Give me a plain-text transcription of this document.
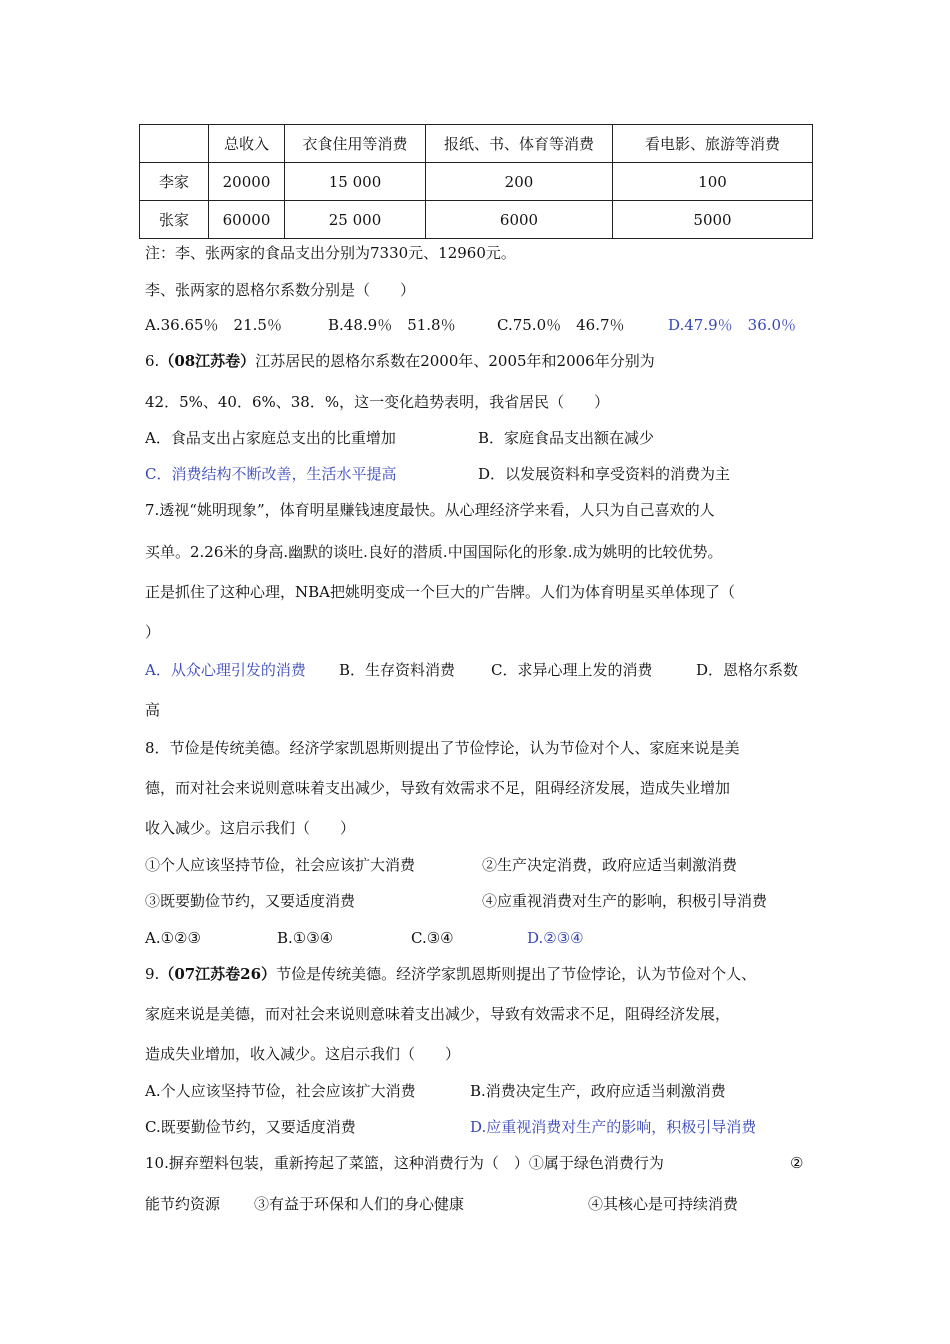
	总收入	衣食住用等消费	报纸、书、体育等消费	看电影、旅游等消费
李家	20000	15 000	200	100
张家	60000	25 000	6000	5000
注：李、张两家的食品支出分别为7330元、12960元。
李、张两家的恩格尔系数分别是（　　）
A.36.65％　21.5％	B.48.9％　51.8％	C.75.0％　46.7％	D.47.9％　36.0％
6.（08江苏卷）江苏居民的恩格尔系数在2000年、2005年和2006年分别为
42．5%、40．6%、38．%，这一变化趋势表明，我省居民（　　）
A．食品支出占家庭总支出的比重增加	B．家庭食品支出额在减少
C．消费结构不断改善，生活水平提高	D．以发展资料和享受资料的消费为主
7.透视“姚明现象”，体育明星赚钱速度最快。从心理经济学来看，人只为自己喜欢的人
买单。2.26米的身高.幽默的谈吐.良好的潜质.中国国际化的形象.成为姚明的比较优势。
正是抓住了这种心理，NBA把姚明变成一个巨大的广告牌。人们为体育明星买单体现了（
）
A．从众心理引发的消费 B．生存资料消费 C．求异心理上发的消费	D．恩格尔系数
高
8．节俭是传统美德。经济学家凯恩斯则提出了节俭悖论，认为节俭对个人、家庭来说是美
德，而对社会来说则意味着支出减少，导致有效需求不足，阻碍经济发展，造成失业增加
收入减少。这启示我们（　　）
①个人应该坚持节俭，社会应该扩大消费	②生产决定消费，政府应适当刺激消费
③既要勤俭节约，又要适度消费	④应重视消费对生产的影响，积极引导消费
A.①②③	B.①③④	C.③④	D.②③④
9.（07江苏卷26）节俭是传统美德。经济学家凯恩斯则提出了节俭悖论，认为节俭对个人、
家庭来说是美德，而对社会来说则意味着支出减少，导致有效需求不足，阻碍经济发展，
造成失业增加，收入减少。这启示我们（　　）
A.个人应该坚持节俭，社会应该扩大消费	B.消费决定生产，政府应适当刺激消费
C.既要勤俭节约，又要适度消费	D.应重视消费对生产的影响，积极引导消费
10.摒弃塑料包装，重新挎起了菜篮，这种消费行为（　）①属于绿色消费行为	②
能节约资源 ③有益于环保和人们的身心健康	④其核心是可持续消费
